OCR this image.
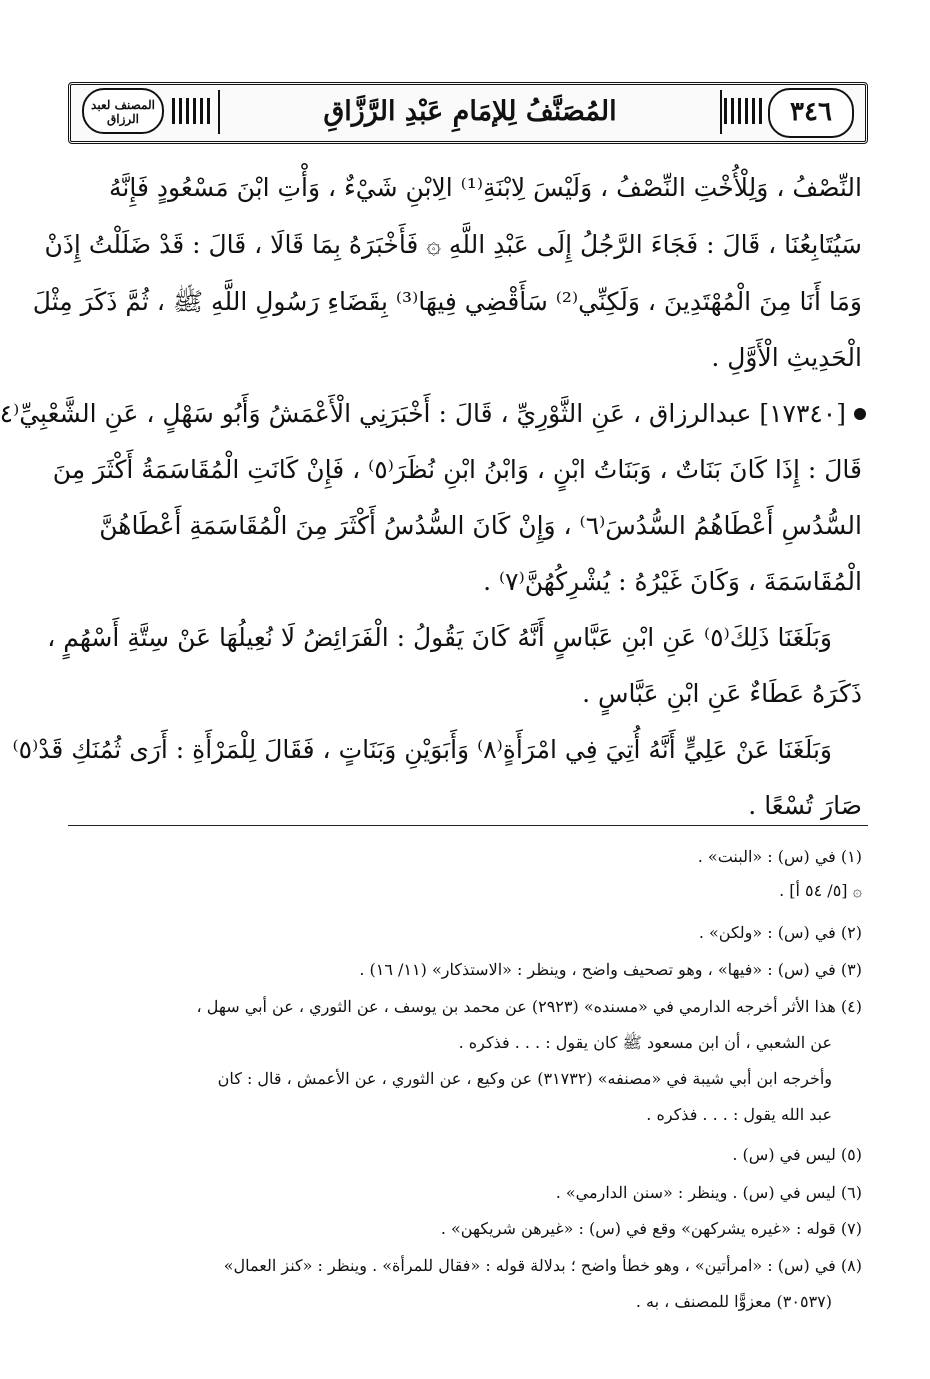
المصنف لعبد الرزاق	المُصَنَّفُ لِلإمَامِ عَبْدِ الرَّزَّاقِ	٣٤٦
النِّصْفُ ، وَلِلْأُخْتِ النِّصْفُ ، وَلَيْسَ لِابْنَةِ⁽¹⁾ الِابْنِ شَيْءٌ ، وَأْتِ ابْنَ مَسْعُودٍ فَإِنَّهُ
سَيُتَابِعُنَا ، قَالَ : فَجَاءَ الرَّجُلُ إِلَى عَبْدِ اللَّهِ ۞ فَأَخْبَرَهُ بِمَا قَالَا ، قَالَ : قَدْ ضَلَلْتُ إِذَنْ
وَمَا أَنَا مِنَ الْمُهْتَدِينَ ، وَلَكِنِّي⁽²⁾ سَأَقْضِي فِيهَا⁽³⁾ بِقَضَاءِ رَسُولِ اللَّهِ ﷺ ، ثُمَّ ذَكَرَ مِثْلَ
الْحَدِيثِ الْأَوَّلِ .
[١٧٣٤٠] عبدالرزاق ، عَنِ الثَّوْرِيِّ ، قَالَ : أَخْبَرَنِي الْأَعْمَشُ وَأَبُو سَهْلٍ ، عَنِ الشَّعْبِيِّ⁽٤
قَالَ : إِذَا كَانَ بَنَاتٌ ، وَبَنَاتُ ابْنٍ ، وَابْنُ ابْنِ نُظَرَ⁽٥⁾ ، فَإِنْ كَانَتِ الْمُقَاسَمَةُ أَكْثَرَ مِنَ
السُّدُسِ أَعْطَاهُمُ السُّدُسَ⁽٦⁾ ، وَإِنْ كَانَ السُّدُسُ أَكْثَرَ مِنَ الْمُقَاسَمَةِ أَعْطَاهُنَّ
الْمُقَاسَمَةَ ، وَكَانَ غَيْرُهُ : يُشْرِكُهُنَّ⁽٧⁾ .
وَبَلَغَنَا ذَلِكَ⁽٥⁾ عَنِ ابْنِ عَبَّاسٍ أَنَّهُ كَانَ يَقُولُ : الْفَرَائِضُ لَا نُعِيلُهَا عَنْ سِتَّةِ أَسْهُمٍ ،
ذَكَرَهُ عَطَاءٌ عَنِ ابْنِ عَبَّاسٍ .
وَبَلَغَنَا عَنْ عَلِيٍّ أَنَّهُ أُتِيَ فِي امْرَأَةٍ⁽٨⁾ وَأَبَوَيْنِ وَبَنَاتٍ ، فَقَالَ لِلْمَرْأَةِ : أَرَى ثُمُنَكِ قَدْ⁽٥⁾
صَارَ تُسْعًا .
(١) في (س) : «البنت» .
۞ [٥/ ٥٤ أ] .
(٢) في (س) : «ولكن» .
(٣) في (س) : «فيها» ، وهو تصحيف واضح ، وينظر : «الاستذكار» (١١/ ١٦) .
(٤) هذا الأثر أخرجه الدارمي في «مسنده» (٢٩٢٣) عن محمد بن يوسف ، عن الثوري ، عن أبي سهل ،
عن الشعبي ، أن ابن مسعود ﷺ كان يقول : . . . فذكره .
وأخرجه ابن أبي شيبة في «مصنفه» (٣١٧٣٢) عن وكيع ، عن الثوري ، عن الأعمش ، قال : كان
عبد الله يقول : . . . فذكره .
(٥) ليس في (س) .
(٦) ليس في (س) . وينظر : «سنن الدارمي» .
(٧) قوله : «غيره يشركهن» وقع في (س) : «غيرهن شريكهن» .
(٨) في (س) : «امرأتين» ، وهو خطأ واضح ؛ بدلالة قوله : «فقال للمرأة» . وينظر : «كنز العمال»
(٣٠٥٣٧) معزوًّا للمصنف ، به .
